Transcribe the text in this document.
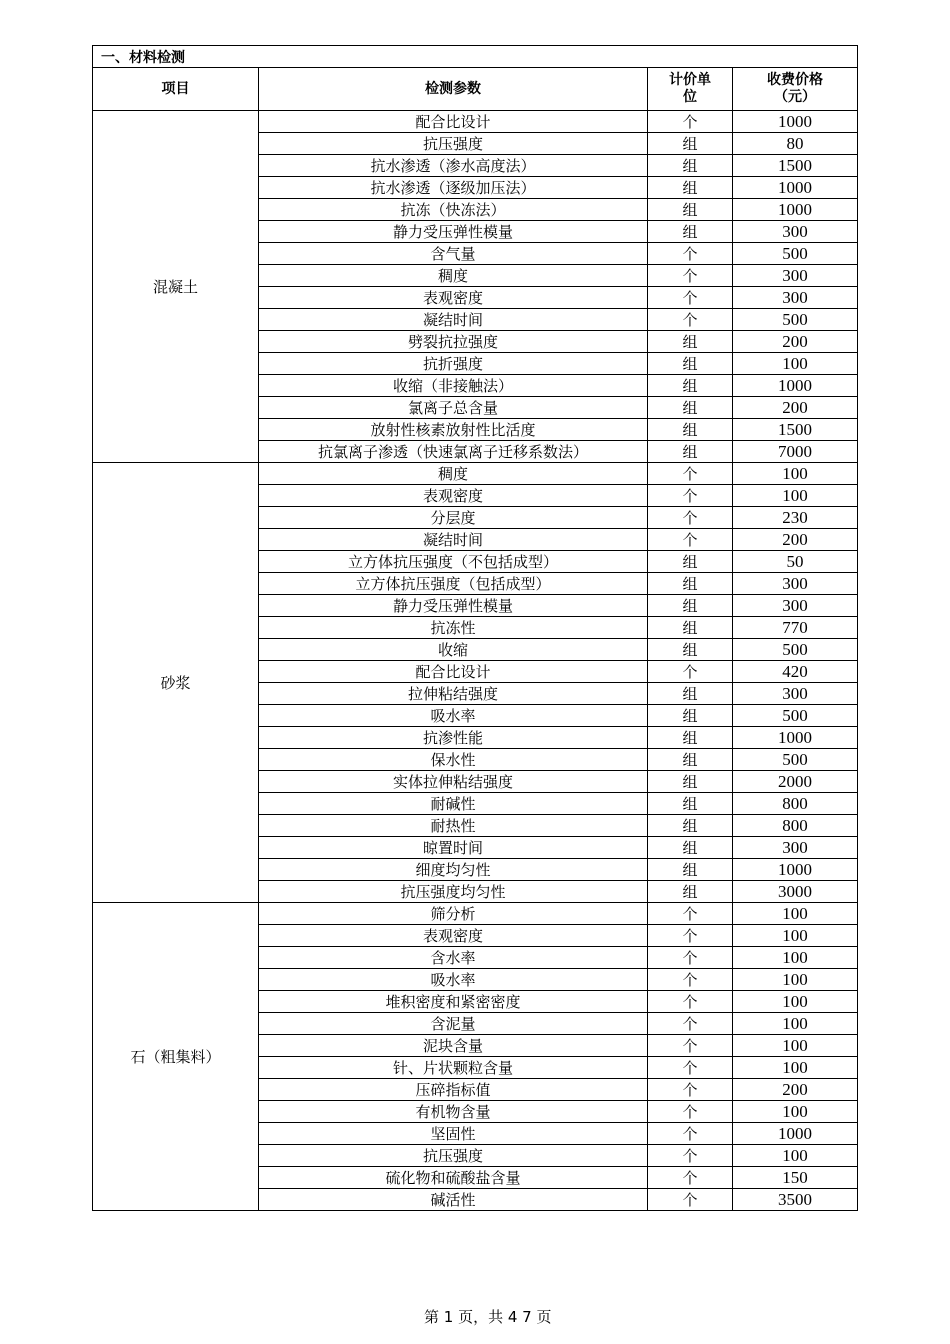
一、材料检测			
项目	检测参数	计价单位	收费价格（元）

混凝土	配合比设计	个	1000
	抗压强度	组	80
	抗水渗透（渗水高度法）	组	1500
	抗水渗透（逐级加压法）	组	1000
	抗冻（快冻法）	组	1000
	静力受压弹性模量	组	300
	含气量	个	500
	稠度	个	300
	表观密度	个	300
	凝结时间	个	500
	劈裂抗拉强度	组	200
	抗折强度	组	100
	收缩（非接触法）	组	1000
	氯离子总含量	组	200
	放射性核素放射性比活度	组	1500
	抗氯离子渗透（快速氯离子迁移系数法）	组	7000
砂浆	稠度	个	100
	表观密度	个	100
	分层度	个	230
	凝结时间	个	200
	立方体抗压强度（不包括成型）	组	50
	立方体抗压强度（包括成型）	组	300
	静力受压弹性模量	组	300
	抗冻性	组	770
	收缩	组	500
	配合比设计	个	420
	拉伸粘结强度	组	300
	吸水率	组	500
	抗渗性能	组	1000
	保水性	组	500
	实体拉伸粘结强度	组	2000
	耐碱性	组	800
	耐热性	组	800
	晾置时间	组	300
	细度均匀性	组	1000
	抗压强度均匀性	组	3000
石（粗集料）	筛分析	个	100
	表观密度	个	100
	含水率	个	100
	吸水率	个	100
	堆积密度和紧密密度	个	100
	含泥量	个	100
	泥块含量	个	100
	针、片状颗粒含量	个	100
	压碎指标值	个	200
	有机物含量	个	100
	坚固性	个	1000
	抗压强度	个	100
	硫化物和硫酸盐含量	个	150
	碱活性	个	3500
第 1 页，共 4 7 页
